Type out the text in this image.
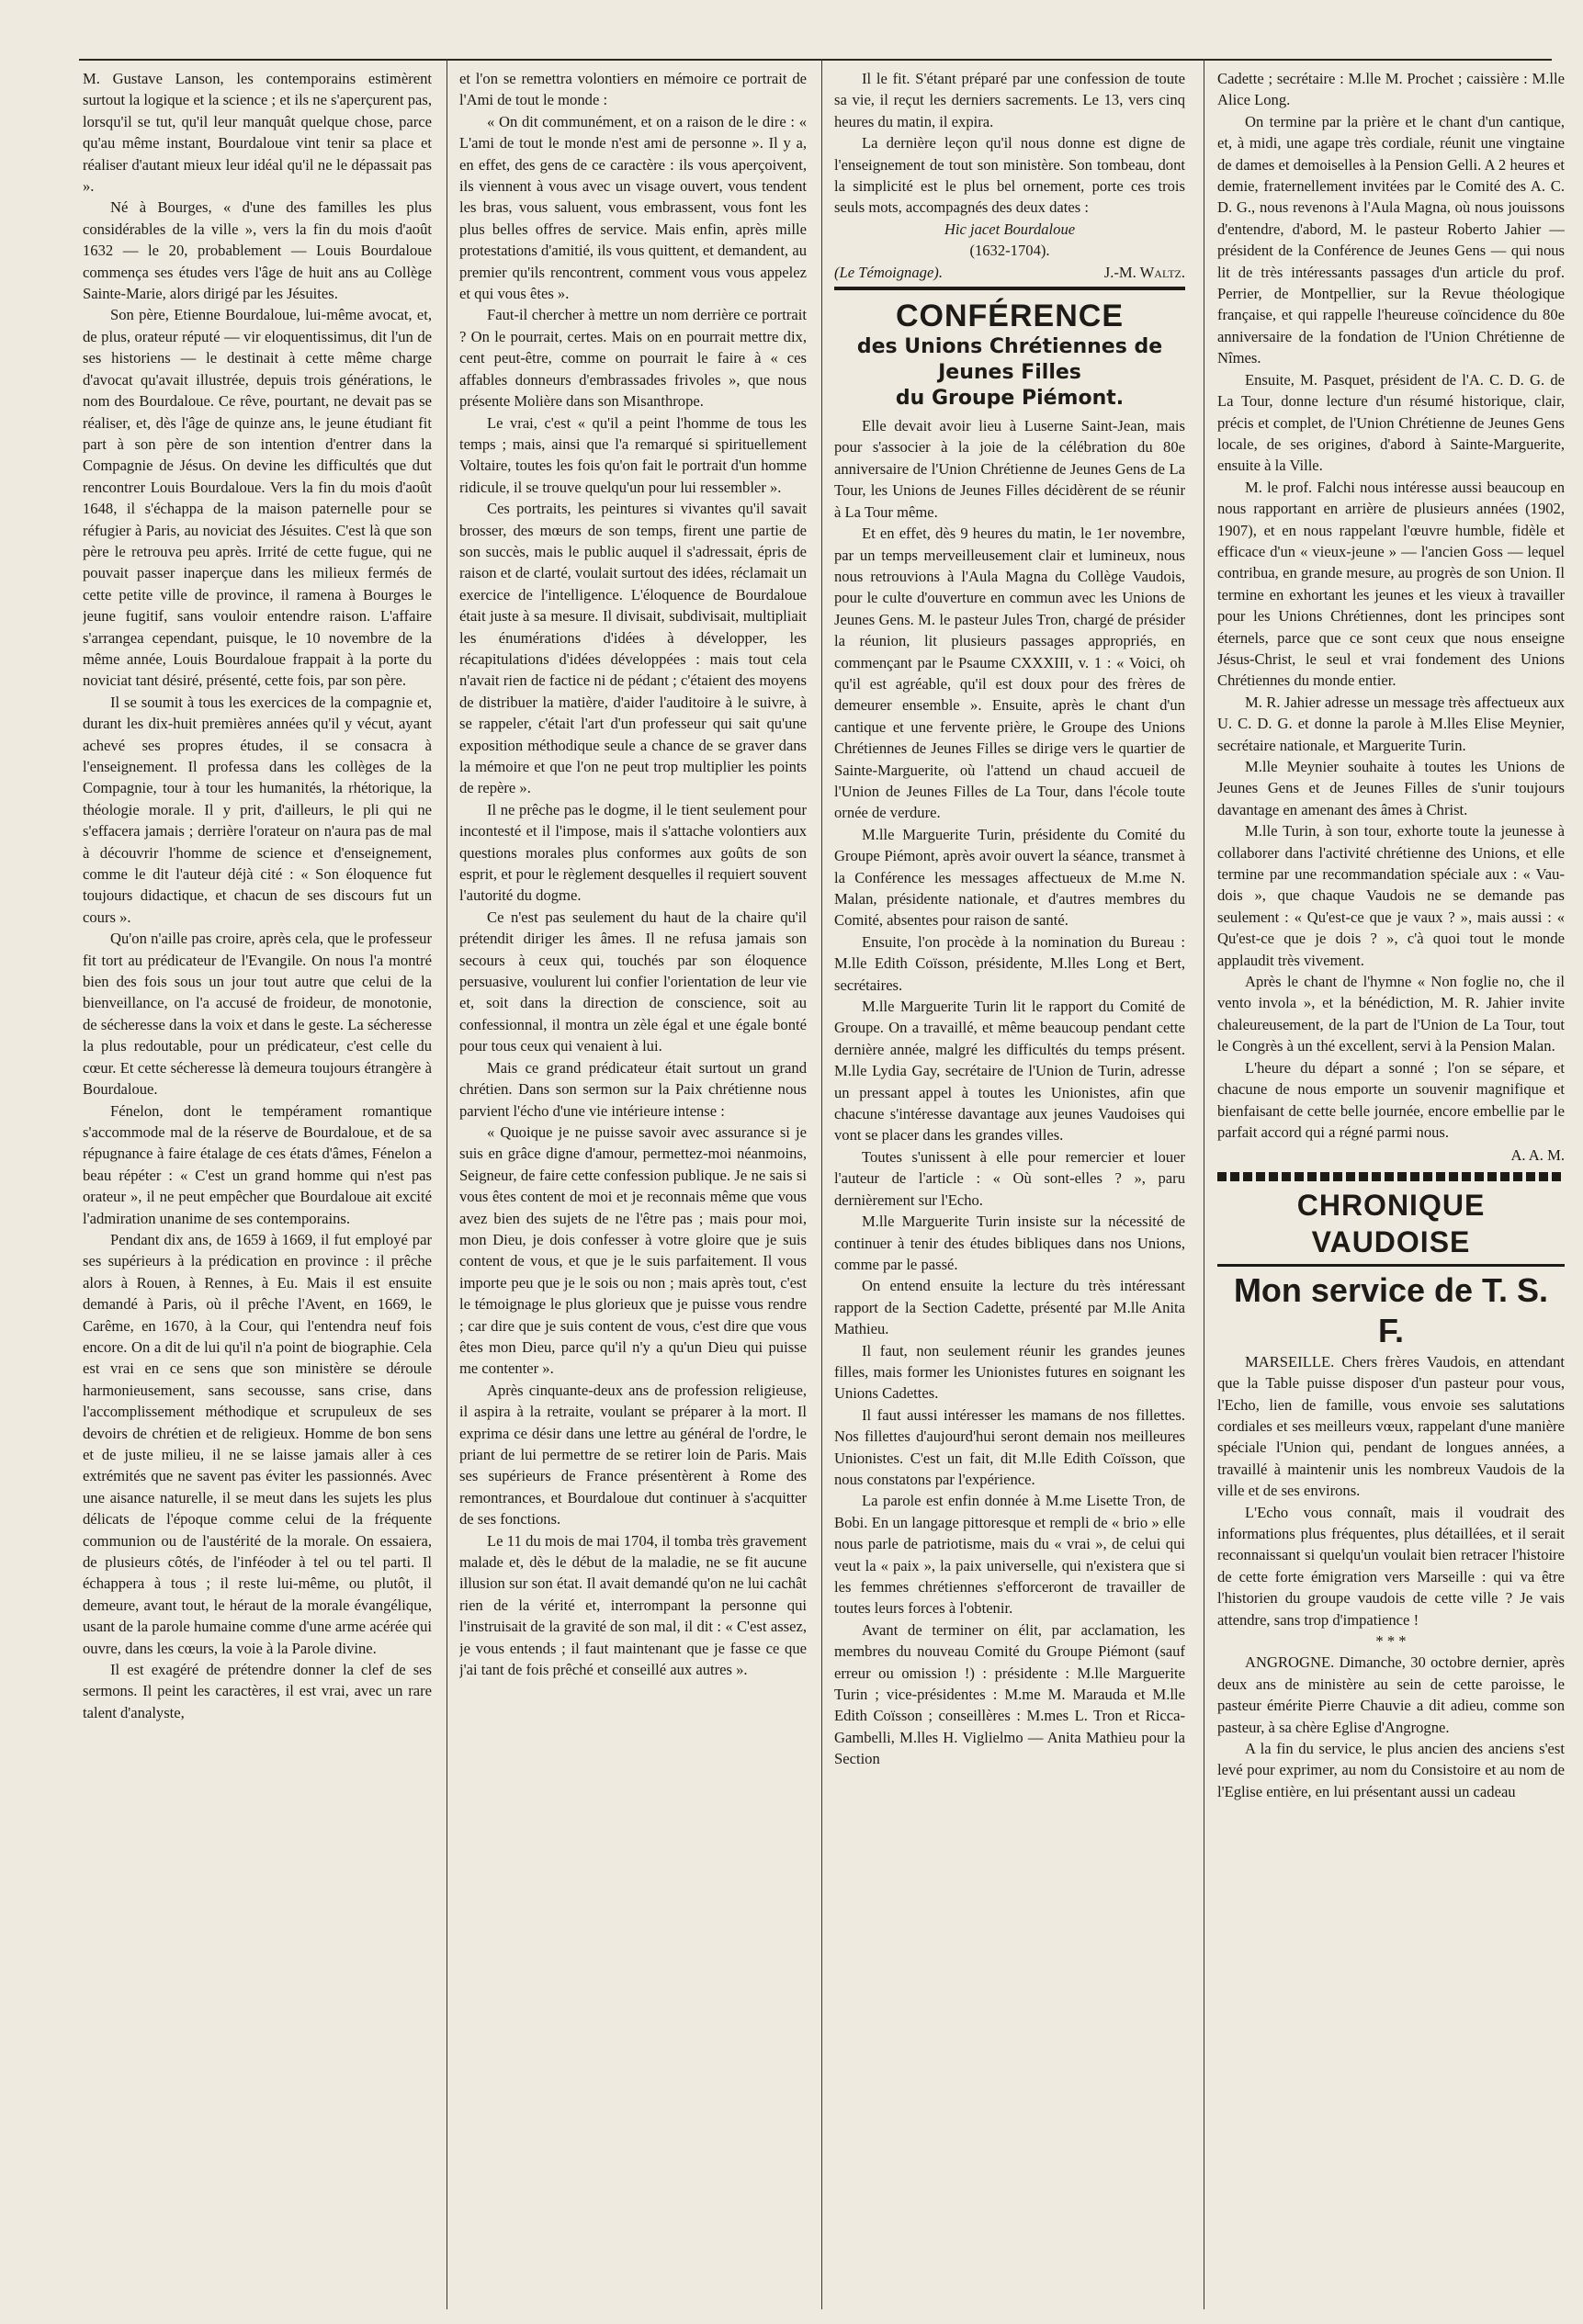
M. Gustave Lanson, les contemporains estimèrent surtout la logique et la science ; et ils ne s'aperçurent pas, lorsqu'il se tut, qu'il leur manquât quelque chose, parce qu'au même instant, Bourdaloue vint tenir sa place et réaliser d'autant mieux leur idéal qu'il ne le dépassait pas ».

Né à Bourges, « d'une des familles les plus considérables de la ville », vers la fin du mois d'août 1632 — le 20, probablement — Louis Bourdaloue commença ses études vers l'âge de huit ans au Collège Sainte-Marie, alors dirigé par les Jésuites.

Son père, Etienne Bourdaloue, lui-même avocat, et, de plus, orateur réputé — vir eloquentissimus, dit l'un de ses historiens — le destinait à cette même charge d'avocat qu'avait illustrée, depuis trois générations, le nom des Bourdaloue. Ce rêve, pourtant, ne devait pas se réaliser, et, dès l'âge de quinze ans, le jeune étudiant fit part à son père de son intention d'entrer dans la Compagnie de Jésus. On devine les difficultés que dut rencontrer Louis Bourdaloue. Vers la fin du mois d'août 1648, il s'échappa de la maison paternelle pour se réfugier à Paris, au noviciat des Jésuites. C'est là que son père le retrouva peu après. Irrité de cette fugue, qui ne pouvait passer inaperçue dans les milieux fermés de cette petite ville de province, il ramena à Bourges le jeune fugitif, sans vouloir entendre raison. L'affaire s'arrangea cependant, puisque, le 10 novembre de la même année, Louis Bourdaloue frappait à la porte du noviciat tant désiré, présenté, cette fois, par son père.

Il se soumit à tous les exercices de la compagnie et, durant les dix-huit premières années qu'il y vécut, ayant achevé ses propres études, il se consacra à l'enseignement. Il professa dans les collèges de la Compagnie, tour à tour les humanités, la rhétorique, la théologie morale. Il y prit, d'ailleurs, le pli qui ne s'effacera jamais ; derrière l'orateur on n'aura pas de mal à découvrir l'homme de science et d'enseignement, comme le dit l'auteur déjà cité : « Son éloquence fut toujours didactique, et chacun de ses discours fut un cours ».

Qu'on n'aille pas croire, après cela, que le professeur fit tort au prédicateur de l'Evangile. On nous l'a montré bien des fois sous un jour tout autre que celui de la bienveillance, on l'a accusé de froideur, de monotonie, de sécheresse dans la voix et dans le geste. La sécheresse la plus redoutable, pour un prédicateur, c'est celle du cœur. Et cette sécheresse là demeura toujours étrangère à Bourdaloue.

Fénelon, dont le tempérament romantique s'accommode mal de la réserve de Bourdaloue, et de sa répugnance à faire étalage de ces états d'âmes, Fénelon a beau répéter : « C'est un grand homme qui n'est pas orateur », il ne peut empêcher que Bourdaloue ait excité l'admiration unanime de ses contemporains.

Pendant dix ans, de 1659 à 1669, il fut employé par ses supérieurs à la prédication en province : il prêche alors à Rouen, à Rennes, à Eu. Mais il est ensuite demandé à Paris, où il prêche l'Avent, en 1669, le Carême, en 1670, à la Cour, qui l'entendra neuf fois encore. On a dit de lui qu'il n'a point de biographie. Cela est vrai en ce sens que son ministère se déroule harmonieusement, sans secousse, sans crise, dans l'accomplissement méthodique et scrupuleux de ses devoirs de chrétien et de religieux. Homme de bon sens et de juste milieu, il ne se laisse jamais aller à ces extrémités que ne savent pas éviter les passionnés. Avec une aisance naturelle, il se meut dans les sujets les plus délicats de l'époque comme celui de la fréquente communion ou de l'austérité de la morale. On essaiera, de plusieurs côtés, de l'inféoder à tel ou tel parti. Il échappera à tous ; il reste lui-même, ou plutôt, il demeure, avant tout, le héraut de la morale évangélique, usant de la parole humaine comme d'une arme acérée qui ouvre, dans les cœurs, la voie à la Parole divine.

Il est exagéré de prétendre donner la clef de ses sermons. Il peint les caractères, il est vrai, avec un rare talent d'analyste,

et l'on se remettra volontiers en mémoire ce portrait de l'Ami de tout le monde :

« On dit communément, et on a raison de le dire : « L'ami de tout le monde n'est ami de personne ». Il y a, en effet, des gens de ce caractère : ils vous aperçoivent, ils viennent à vous avec un visage ouvert, vous tendent les bras, vous saluent, vous embrassent, vous font les plus belles offres de service. Mais enfin, après mille protestations d'amitié, ils vous quittent, et demandent, au premier qu'ils rencontrent, comment vous vous appelez et qui vous êtes ».

Faut-il chercher à mettre un nom derrière ce portrait ? On le pourrait, certes. Mais on en pourrait mettre dix, cent peut-être, comme on pourrait le faire à « ces affables donneurs d'embrassades frivoles », que nous présente Molière dans son Misanthrope.

Le vrai, c'est « qu'il a peint l'homme de tous les temps ; mais, ainsi que l'a remarqué si spirituellement Voltaire, toutes les fois qu'on fait le portrait d'un homme ridicule, il se trouve quelqu'un pour lui ressembler ».

Ces portraits, les peintures si vivantes qu'il savait brosser, des mœurs de son temps, firent une partie de son succès, mais le public auquel il s'adressait, épris de raison et de clarté, voulait surtout des idées, réclamait un exercice de l'intelligence. L'éloquence de Bourdaloue était juste à sa mesure. Il divisait, subdivisait, multipliait les énumérations d'idées à développer, les récapitulations d'idées développées : mais tout cela n'avait rien de factice ni de pédant ; c'étaient des moyens de distribuer la matière, d'aider l'auditoire à le suivre, à se rappeler, c'était l'art d'un professeur qui sait qu'une exposition méthodique seule a chance de se graver dans la mémoire et que l'on ne peut trop multiplier les points de repère ».

Il ne prêche pas le dogme, il le tient seulement pour incontesté et il l'impose, mais il s'attache volontiers aux questions morales plus conformes aux goûts de son esprit, et pour le règlement desquelles il requiert souvent l'autorité du dogme.

Ce n'est pas seulement du haut de la chaire qu'il prétendit diriger les âmes. Il ne refusa jamais son secours à ceux qui, touchés par son éloquence persuasive, voulurent lui confier l'orientation de leur vie et, soit dans la direction de conscience, soit au confessionnal, il montra un zèle égal et une égale bonté pour tous ceux qui venaient à lui.

Mais ce grand prédicateur était surtout un grand chrétien. Dans son sermon sur la Paix chrétienne nous parvient l'écho d'une vie intérieure intense :

« Quoique je ne puisse savoir avec assurance si je suis en grâce digne d'amour, permettez-moi néanmoins, Seigneur, de faire cette confession publique. Je ne sais si vous êtes content de moi et je reconnais même que vous avez bien des sujets de ne l'être pas ; mais pour moi, mon Dieu, je dois confesser à votre gloire que je suis content de vous, et que je le suis parfaitement. Il vous importe peu que je le sois ou non ; mais après tout, c'est le témoignage le plus glorieux que je puisse vous rendre ; car dire que je suis content de vous, c'est dire que vous êtes mon Dieu, parce qu'il n'y a qu'un Dieu qui puisse me contenter ».

Après cinquante-deux ans de profession religieuse, il aspira à la retraite, voulant se préparer à la mort. Il exprima ce désir dans une lettre au général de l'ordre, le priant de lui permettre de se retirer loin de Paris. Mais ses supérieurs de France présentèrent à Rome des remontrances, et Bourdaloue dut continuer à s'acquitter de ses fonctions.

Le 11 du mois de mai 1704, il tomba très gravement malade et, dès le début de la maladie, ne se fit aucune illusion sur son état. Il avait demandé qu'on ne lui cachât rien de la vérité et, interrompant la personne qui l'instruisait de la gravité de son mal, il dit : « C'est assez, je vous entends ; il faut maintenant que je fasse ce que j'ai tant de fois prêché et conseillé aux autres ».

Il le fit. S'étant préparé par une confession de toute sa vie, il reçut les derniers sacrements. Le 13, vers cinq heures du matin, il expira.

La dernière leçon qu'il nous donne est digne de l'enseignement de tout son ministère. Son tombeau, dont la simplicité est le plus bel ornement, porte ces trois seuls mots, accompagnés des deux dates :

Hic jacet Bourdaloue

(1632-1704).

(Le Témoignage).	J.-M. Waltz.
CONFÉRENCE
des Unions Chrétiennes de Jeunes Filles
du Groupe Piémont.

Elle devait avoir lieu à Luserne Saint-Jean, mais pour s'associer à la joie de la célébration du 80e anniversaire de l'Union Chrétienne de Jeunes Gens de La Tour, les Unions de Jeunes Filles décidèrent de se réunir à La Tour même.

Et en effet, dès 9 heures du matin, le 1er novembre, par un temps merveilleusement clair et lumineux, nous nous retrouvions à l'Aula Magna du Collège Vaudois, pour le culte d'ouverture en commun avec les Unions de Jeunes Gens. M. le pasteur Jules Tron, chargé de présider la réunion, lit plusieurs passages appropriés, en commençant par le Psaume CXXXIII, v. 1 : « Voici, oh qu'il est agréable, qu'il est doux pour des frères de demeurer ensemble ». Ensuite, après le chant d'un cantique et une fervente prière, le Groupe des Unions Chrétiennes de Jeunes Filles se dirige vers le quartier de Sainte-Marguerite, où l'attend un chaud accueil de l'Union de Jeunes Filles de La Tour, dans l'école toute ornée de verdure.

M.lle Marguerite Turin, présidente du Comité du Groupe Piémont, après avoir ouvert la séance, transmet à la Conférence les messages affectueux de M.me N. Malan, présidente nationale, et d'autres membres du Comité, absentes pour raison de santé.

Ensuite, l'on procède à la nomination du Bureau : M.lle Edith Coïsson, présidente, M.lles Long et Bert, secrétaires.

M.lle Marguerite Turin lit le rapport du Comité de Groupe. On a travaillé, et même beaucoup pendant cette dernière année, malgré les difficultés du temps présent. M.lle Lydia Gay, secrétaire de l'Union de Turin, adresse un pressant appel à toutes les Unionistes, afin que chacune s'intéresse davantage aux jeunes Vaudoises qui vont se placer dans les grandes villes.

Toutes s'unissent à elle pour remercier et louer l'auteur de l'article : « Où sont-elles ? », paru dernièrement sur l'Echo.

M.lle Marguerite Turin insiste sur la nécessité de continuer à tenir des études bibliques dans nos Unions, comme par le passé.

On entend ensuite la lecture du très intéressant rapport de la Section Cadette, présenté par M.lle Anita Mathieu.

Il faut, non seulement réunir les grandes jeunes filles, mais former les Unionistes futures en soignant les Unions Cadettes.

Il faut aussi intéresser les mamans de nos fillettes. Nos fillettes d'aujourd'hui seront demain nos meilleures Unionistes. C'est un fait, dit M.lle Edith Coïsson, que nous constatons par l'expérience.

La parole est enfin donnée à M.me Lisette Tron, de Bobi. En un langage pittoresque et rempli de « brio » elle nous parle de patriotisme, mais du « vrai », de celui qui veut la « paix », la paix universelle, qui n'existera que si les femmes chrétiennes s'efforceront de travailler de toutes leurs forces à l'obtenir.

Avant de terminer on élit, par acclamation, les membres du nouveau Comité du Groupe Piémont (sauf erreur ou omission !) : présidente : M.lle Marguerite Turin ; vice-présidentes : M.me M. Marauda et M.lle Edith Coïsson ; conseillères : M.mes L. Tron et Ricca-Gambelli, M.lles H. Viglielmo — Anita Mathieu pour la Section

Cadette ; secrétaire : M.lle M. Prochet ; caissière : M.lle Alice Long.

On termine par la prière et le chant d'un cantique, et, à midi, une agape très cordiale, réunit une vingtaine de dames et demoiselles à la Pension Gelli. A 2 heures et demie, fraternellement invitées par le Comité des A. C. D. G., nous revenons à l'Aula Magna, où nous jouissons d'entendre, d'abord, M. le pasteur Roberto Jahier — président de la Conférence de Jeunes Gens — qui nous lit de très intéressants passages d'un article du prof. Perrier, de Montpellier, sur la Revue théologique française, et qui rappelle l'heureuse coïncidence du 80e anniversaire de la fondation de l'Union Chrétienne de Nîmes.

Ensuite, M. Pasquet, président de l'A. C. D. G. de La Tour, donne lecture d'un résumé historique, clair, précis et complet, de l'Union Chrétienne de Jeunes Gens locale, de ses origines, d'abord à Sainte-Marguerite, ensuite à la Ville.

M. le prof. Falchi nous intéresse aussi beaucoup en nous rapportant en arrière de plusieurs années (1902, 1907), et en nous rappelant l'œuvre humble, fidèle et efficace d'un « vieux-jeune » — l'ancien Goss — lequel contribua, en grande mesure, au progrès de son Union. Il termine en exhortant les jeunes et les vieux à travailler pour les Unions Chrétiennes, dont les principes sont éternels, parce que ce sont ceux que nous enseigne Jésus-Christ, le seul et vrai fondement des Unions Chrétiennes du monde entier.

M. R. Jahier adresse un message très affectueux aux U. C. D. G. et donne la parole à M.lles Elise Meynier, secrétaire nationale, et Marguerite Turin.

M.lle Meynier souhaite à toutes les Unions de Jeunes Gens et de Jeunes Filles de s'unir toujours davantage en amenant des âmes à Christ.

M.lle Turin, à son tour, exhorte toute la jeunesse à collaborer dans l'activité chrétienne des Unions, et elle termine par une recommandation spéciale aux : « Vau-dois », que chaque Vaudois ne se demande pas seulement : « Qu'est-ce que je vaux ? », mais aussi : « Qu'est-ce que je dois ? », c'à quoi tout le monde applaudit très vivement.

Après le chant de l'hymne « Non foglie no, che il vento invola », et la bénédiction, M. R. Jahier invite chaleureusement, de la part de l'Union de La Tour, tout le Congrès à un thé excellent, servi à la Pension Malan.

L'heure du départ a sonné ; l'on se sépare, et chacune de nous emporte un souvenir magnifique et bienfaisant de cette belle journée, encore embellie par le parfait accord qui a régné parmi nous.

A. A. M.

CHRONIQUE VAUDOISE
Mon service de T. S. F.

MARSEILLE. Chers frères Vaudois, en attendant que la Table puisse disposer d'un pasteur pour vous, l'Echo, lien de famille, vous envoie ses salutations cordiales et ses meilleurs vœux, rappelant d'une manière spéciale l'Union qui, pendant de longues années, a travaillé à maintenir unis les nombreux Vaudois de la ville et de ses environs.

L'Echo vous connaît, mais il voudrait des informations plus fréquentes, plus détaillées, et il serait reconnaissant si quelqu'un voulait bien retracer l'histoire de cette forte émigration vers Marseille : qui va être l'historien du groupe vaudois de cette ville ? Je vais attendre, sans trop d'impatience !

* * *

ANGROGNE. Dimanche, 30 octobre dernier, après deux ans de ministère au sein de cette paroisse, le pasteur émérite Pierre Chauvie a dit adieu, comme son pasteur, à sa chère Eglise d'Angrogne.

A la fin du service, le plus ancien des anciens s'est levé pour exprimer, au nom du Consistoire et au nom de l'Eglise entière, en lui présentant aussi un cadeau
